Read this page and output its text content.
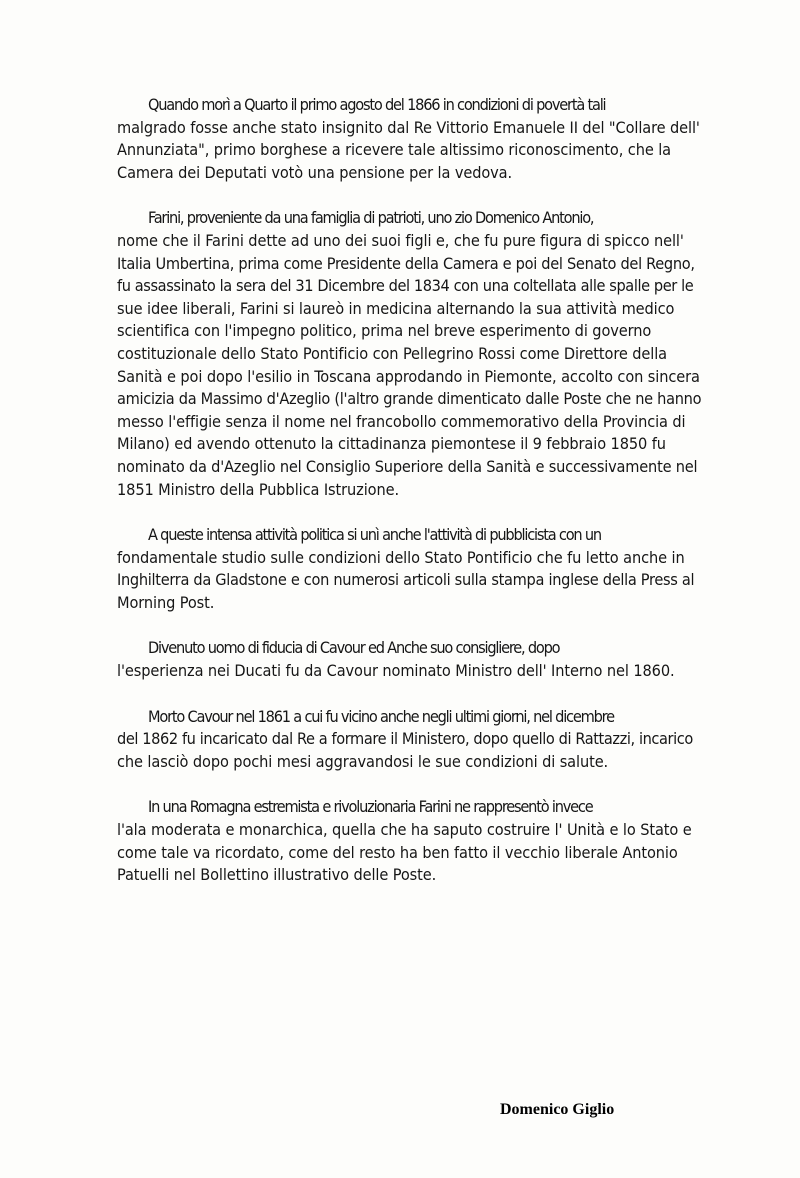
Quando morì a Quarto il primo agosto del 1866 in condizioni di povertà tali
malgrado fosse anche stato insignito dal Re Vittorio Emanuele II del "Collare dell'
Annunziata", primo borghese a ricevere tale altissimo riconoscimento, che la
Camera dei Deputati votò una pensione per la vedova.
Farini, proveniente da una famiglia di patrioti, uno zio Domenico Antonio,
nome che il Farini dette ad uno dei suoi figli e, che fu pure figura di spicco nell'
Italia Umbertina, prima come Presidente della Camera e poi del Senato del Regno,
fu assassinato la sera del 31 Dicembre del 1834 con una coltellata alle spalle per le
sue idee liberali, Farini si laureò in medicina alternando la sua attività medico
scientifica con l'impegno politico, prima nel breve esperimento di governo
costituzionale dello Stato Pontificio con Pellegrino Rossi come Direttore della
Sanità e poi dopo l'esilio in Toscana approdando in Piemonte, accolto con sincera
amicizia da Massimo d'Azeglio (l'altro grande dimenticato dalle Poste che ne hanno
messo l'effigie senza il nome nel francobollo commemorativo della Provincia di
Milano) ed avendo ottenuto la cittadinanza piemontese il 9 febbraio 1850 fu
nominato da d'Azeglio nel Consiglio Superiore della Sanità e successivamente nel
1851 Ministro della Pubblica Istruzione.
A queste intensa attività politica si unì anche l'attività di pubblicista con un
fondamentale studio sulle condizioni dello Stato Pontificio che fu letto anche in
Inghilterra da Gladstone e con numerosi articoli sulla stampa inglese della Press al
Morning Post.
Divenuto uomo di fiducia di Cavour ed Anche suo consigliere, dopo
l'esperienza nei Ducati fu da Cavour nominato Ministro dell' Interno nel 1860.
Morto Cavour nel 1861 a cui fu vicino anche negli ultimi giorni, nel dicembre
del 1862 fu incaricato dal Re a formare il Ministero, dopo quello di Rattazzi, incarico
che lasciò dopo pochi mesi aggravandosi le sue condizioni di salute.
In una Romagna estremista e rivoluzionaria Farini ne rappresentò invece
l'ala moderata e monarchica, quella che ha saputo costruire l' Unità e lo Stato e
come tale va ricordato, come del resto ha ben fatto il vecchio liberale Antonio
Patuelli nel Bollettino illustrativo delle Poste.
Domenico Giglio
